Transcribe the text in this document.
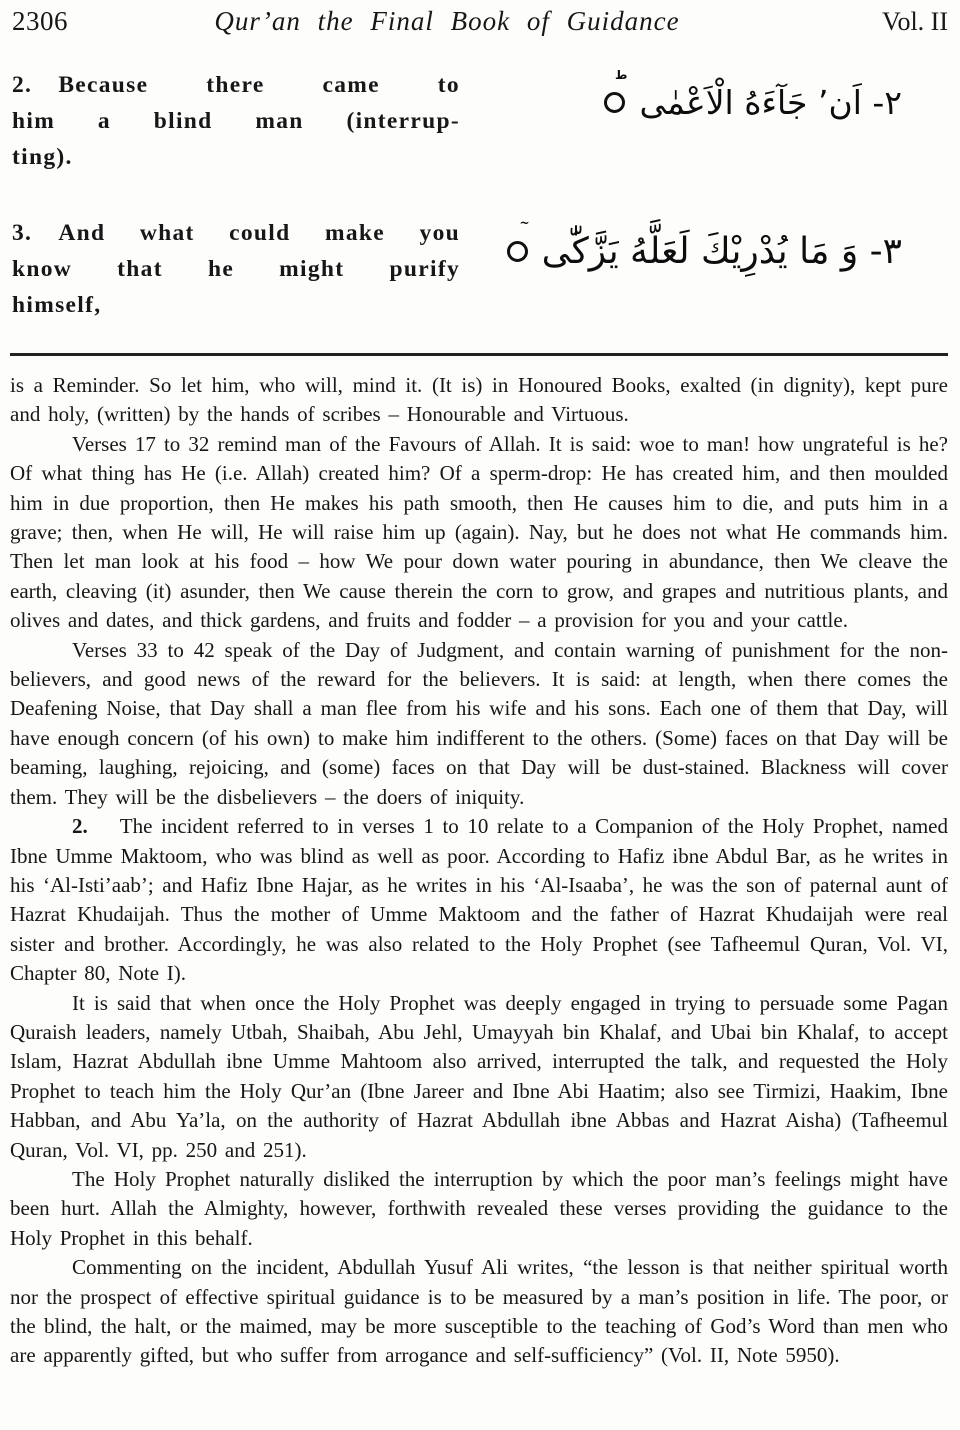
2306	Qur’an the Final Book of Guidance	Vol. II
2.  Because there came to
him a blind man (interrup-
ting).
٢- اَنʼ جَآءَهُ الْاَعْمٰى
ط
3.  And what could make you
know that he might purify
himself,
٣- وَ مَا يُدْرِيْكَ لَعَلَّهُ يَزَّكّٰى
~

is a Reminder. So let him, who will, mind it. (It is) in Honoured Books, exalted (in dignity), kept pure and holy, (written) by the hands of scribes – Honourable and Virtuous.

Verses 17 to 32 remind man of the Favours of Allah. It is said: woe to man! how ungrateful is he? Of what thing has He (i.e. Allah) created him? Of a sperm-drop: He has created him, and then moulded him in due proportion, then He makes his path smooth, then He causes him to die, and puts him in a grave; then, when He will, He will raise him up (again). Nay, but he does not what He commands him. Then let man look at his food – how We pour down water pouring in abundance, then We cleave the earth, cleaving (it) asunder, then We cause therein the corn to grow, and grapes and nutritious plants, and olives and dates, and thick gardens, and fruits and fodder – a provision for you and your cattle.

Verses 33 to 42 speak of the Day of Judgment, and contain warning of punishment for the non-believers, and good news of the reward for the believers. It is said: at length, when there comes the Deafening Noise, that Day shall a man flee from his wife and his sons. Each one of them that Day, will have enough concern (of his own) to make him indifferent to the others. (Some) faces on that Day will be beaming, laughing, rejoicing, and (some) faces on that Day will be dust-stained. Blackness will cover them. They will be the disbelievers – the doers of iniquity.

2. The incident referred to in verses 1 to 10 relate to a Companion of the Holy Prophet, named Ibne Umme Maktoom, who was blind as well as poor. According to Hafiz ibne Abdul Bar, as he writes in his ‘Al-Isti’aab’; and Hafiz Ibne Hajar, as he writes in his ‘Al-Isaaba’, he was the son of paternal aunt of Hazrat Khudaijah. Thus the mother of Umme Maktoom and the father of Hazrat Khudaijah were real sister and brother. Accordingly, he was also related to the Holy Prophet (see Tafheemul Quran, Vol. VI, Chapter 80, Note I).

It is said that when once the Holy Prophet was deeply engaged in trying to persuade some Pagan Quraish leaders, namely Utbah, Shaibah, Abu Jehl, Umayyah bin Khalaf, and Ubai bin Khalaf, to accept Islam, Hazrat Abdullah ibne Umme Mahtoom also arrived, interrupted the talk, and requested the Holy Prophet to teach him the Holy Qur’an (Ibne Jareer and Ibne Abi Haatim; also see Tirmizi, Haakim, Ibne Habban, and Abu Ya’la, on the authority of Hazrat Abdullah ibne Abbas and Hazrat Aisha) (Tafheemul Quran, Vol. VI, pp. 250 and 251).

The Holy Prophet naturally disliked the interruption by which the poor man’s feelings might have been hurt. Allah the Almighty, however, forthwith revealed these verses providing the guidance to the Holy Prophet in this behalf.

Commenting on the incident, Abdullah Yusuf Ali writes, “the lesson is that neither spiritual worth nor the prospect of effective spiritual guidance is to be measured by a man’s position in life. The poor, or the blind, the halt, or the maimed, may be more susceptible to the teaching of God’s Word than men who are apparently gifted, but who suffer from arrogance and self-sufficiency” (Vol. II, Note 5950).
